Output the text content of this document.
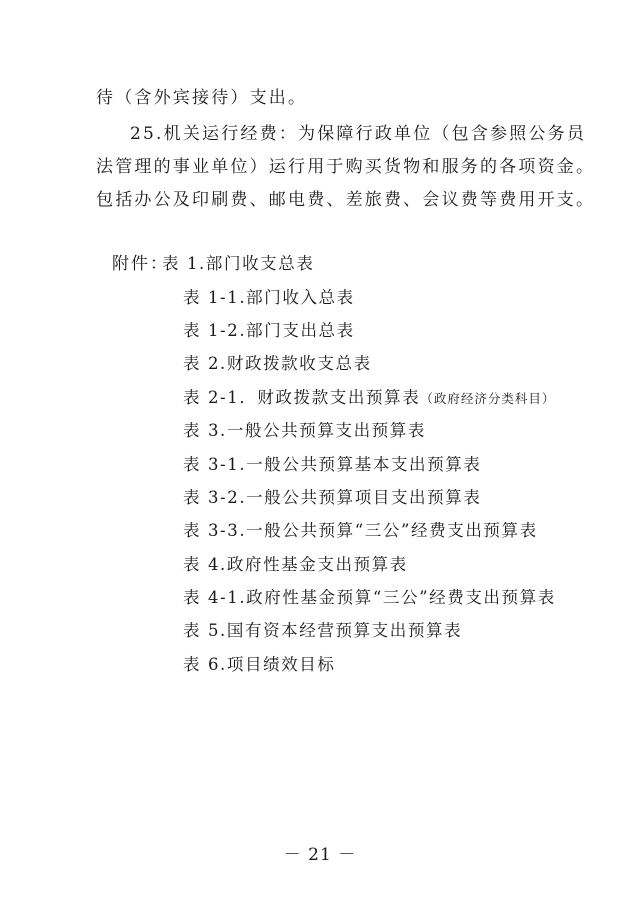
待（含外宾接待）支出。
25.机关运行经费：为保障行政单位（包含参照公务员
法管理的事业单位）运行用于购买货物和服务的各项资金。
包括办公及印刷费、邮电费、差旅费、会议费等费用开支。
附件：
表 1.部门收支总表
表 1-1.部门收入总表
表 1-2.部门支出总表
表 2.财政拨款收支总表
表 2-1．财政拨款支出预算表（政府经济分类科目）
表 3.一般公共预算支出预算表
表 3-1.一般公共预算基本支出预算表
表 3-2.一般公共预算项目支出预算表
表 3-3.一般公共预算“三公”经费支出预算表
表 4.政府性基金支出预算表
表 4-1.政府性基金预算“三公”经费支出预算表
表 5.国有资本经营预算支出预算表
表 6.项目绩效目标
－ 21 －
